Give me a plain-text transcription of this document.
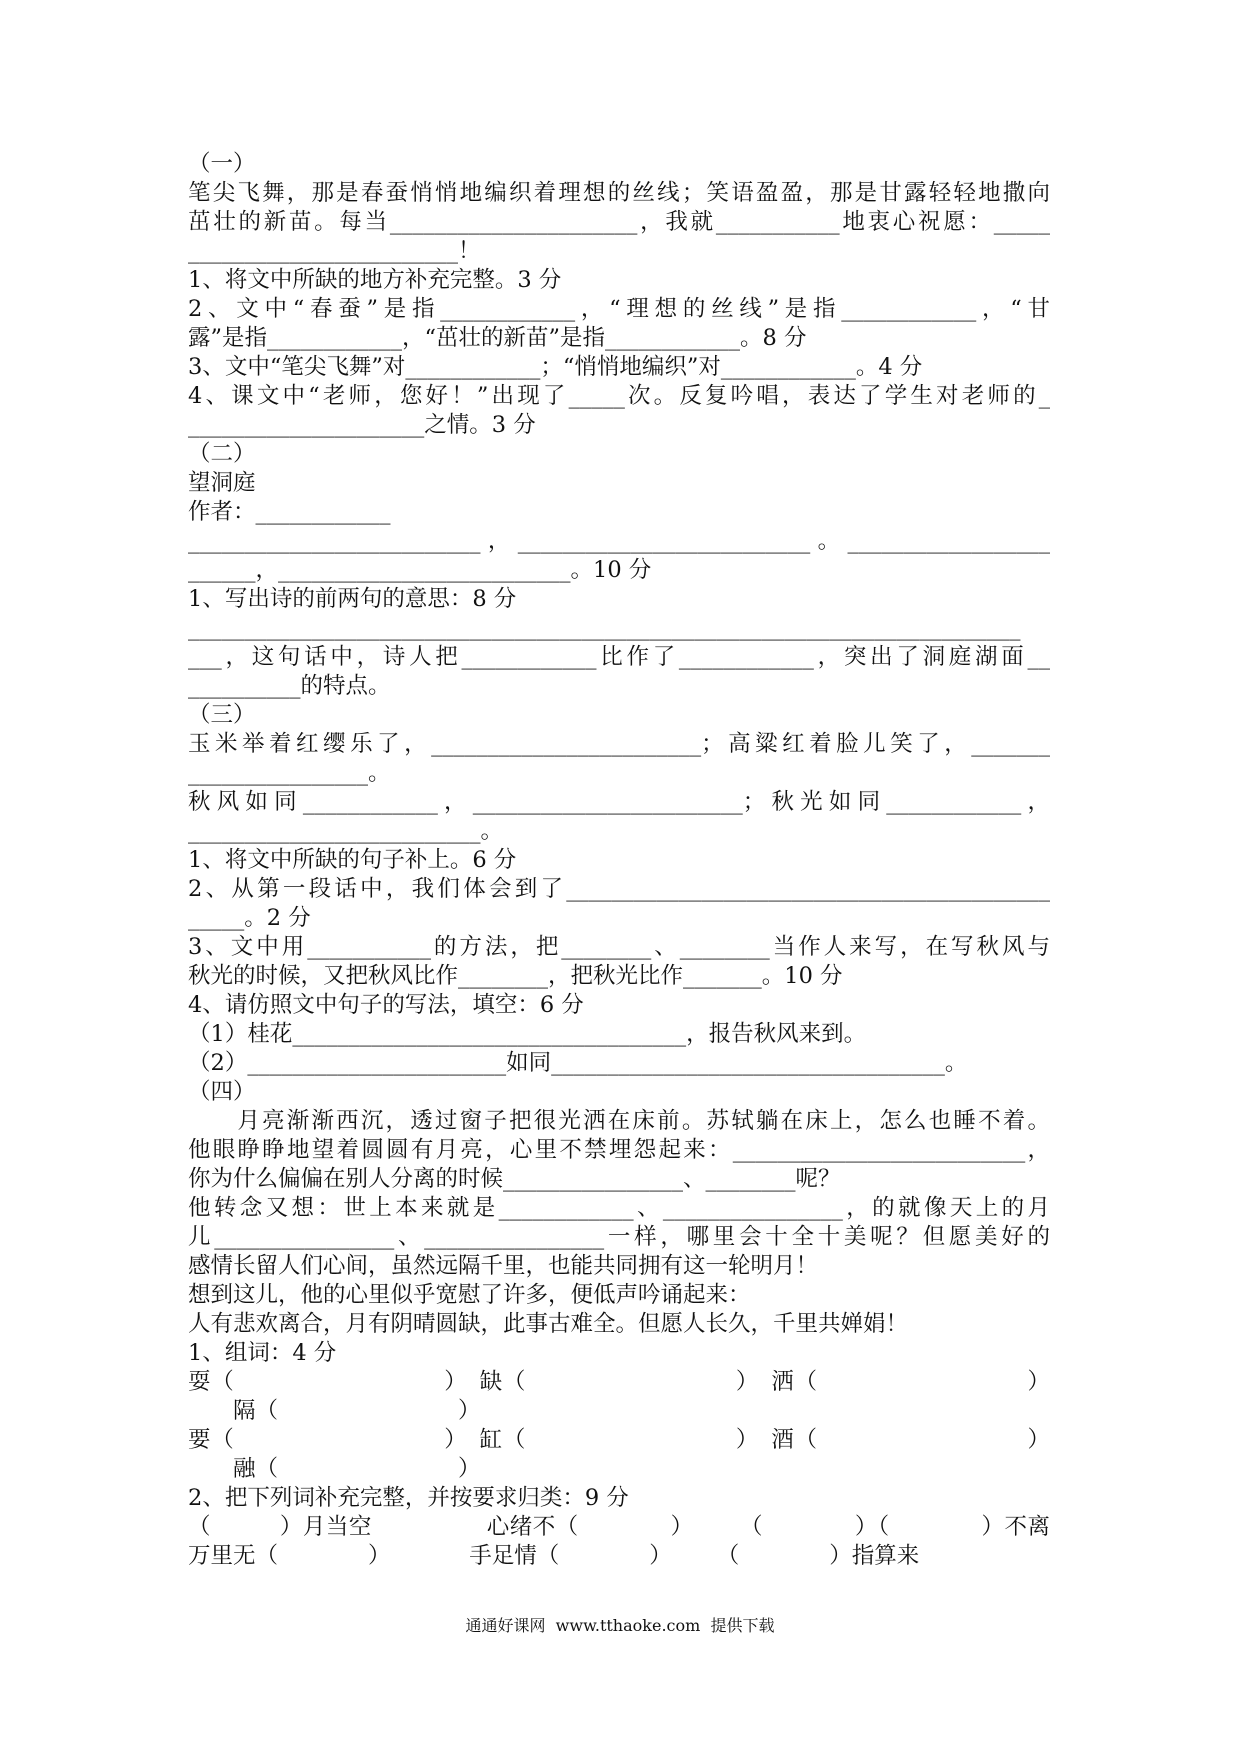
（一）
笔尖飞舞，那是春蚕悄悄地编织着理想的丝线；笑语盈盈，那是甘露轻轻地撒向
茁壮的新苗。每当______________________，我就___________地衷心祝愿：_____
________________________！
1、将文中所缺的地方补充完整。3 分
2、文中“春蚕”是指____________，“理想的丝线”是指____________，“甘
露”是指____________，“茁壮的新苗”是指____________。8 分
3、文中“笔尖飞舞”对____________；“悄悄地编织”对____________。4 分
4、课文中“老师，您好！”出现了_____次。反复吟唱，表达了学生对老师的_
_____________________之情。3 分
（二）
望洞庭
作者：____________
__________________________，__________________________。__________________
______，__________________________。10 分
1、写出诗的前两句的意思：8 分
__________________________________________________________________________
___，这句话中，诗人把____________比作了____________，突出了洞庭湖面__
__________的特点。
（三）
玉米举着红缨乐了，________________________；高粱红着脸儿笑了，_______
________________。
秋风如同____________，________________________；秋光如同____________，
__________________________。
1、将文中所缺的句子补上。6 分
2、从第一段话中，我们体会到了___________________________________________
_____。2 分
3、文中用___________的方法，把________、________当作人来写，在写秋风与
秋光的时候，又把秋风比作________，把秋光比作_______。10 分
4、请仿照文中句子的写法，填空：6 分
（1）桂花___________________________________，报告秋风来到。
（2）_______________________如同___________________________________。
（四）
　　月亮渐渐西沉，透过窗子把很光洒在床前。苏轼躺在床上，怎么也睡不着。
他眼睁睁地望着圆圆有月亮，心里不禁埋怨起来：__________________________，
你为什么偏偏在别人分离的时候________________、________呢？
他转念又想：世上本来就是____________、________________，的就像天上的月
儿________________、________________一样，哪里会十全十美呢？但愿美好的
感情长留人们心间，虽然远隔千里，也能共同拥有这一轮明月！
想到这儿，他的心里似乎宽慰了许多，便低声吟诵起来：
人有悲欢离合，月有阴晴圆缺，此事古难全。但愿人长久，千里共婵娟！
1、组词：4 分
耍（　　　　　　　　　）　缺（　　　　　　　　　）　洒（　　　　　　　　　）
　　隔（　　　　　　　　）
要（　　　　　　　　　）　缸（　　　　　　　　　）　酒（　　　　　　　　　）
　　融（　　　　　　　　）
2、把下列词补充完整，并按要求归类：9 分
（　　　）月当空　　　　　心绪不（　　　　）　　　（　　　　）（　　　　）不离
万里无（　　　　）　　　　手足情（　　　　）　　　（　　　　）指算来
通通好课网  www.tthaoke.com  提供下载
